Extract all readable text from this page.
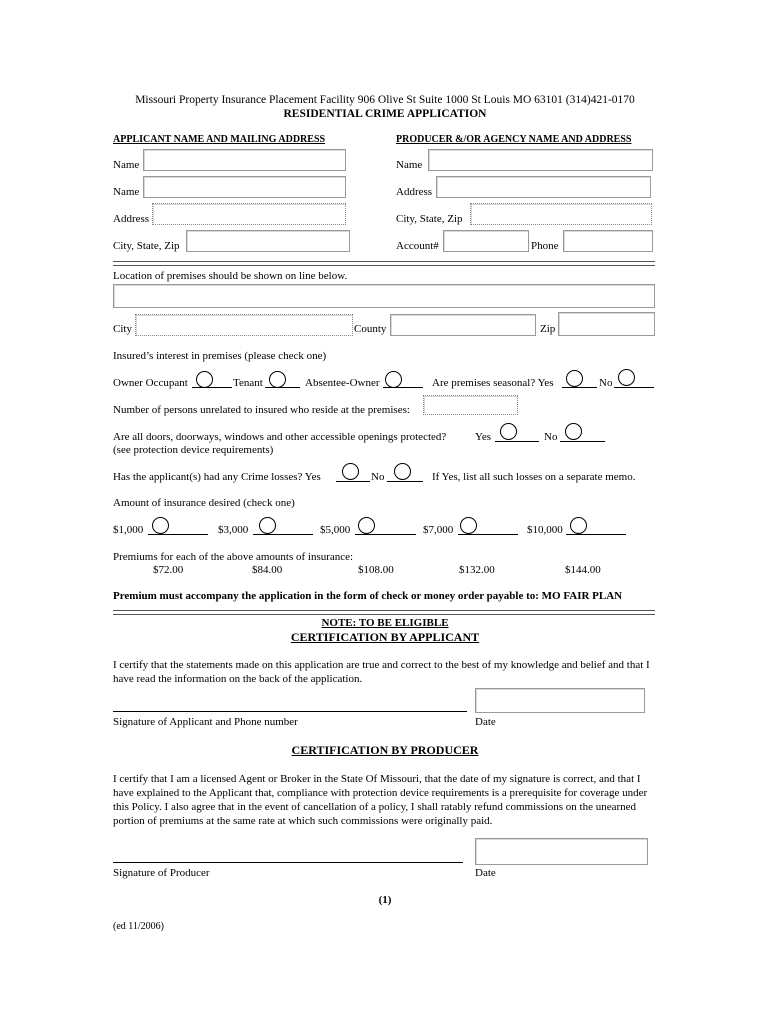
Missouri Property Insurance Placement Facility 906 Olive St Suite 1000 St Louis MO 63101 (314)421-0170
RESIDENTIAL CRIME APPLICATION
APPLICANT NAME AND MAILING ADDRESS	PRODUCER &/OR AGENCY NAME AND ADDRESS
Name
Name
Address
City, State, Zip
Name
Address
City, State, Zip
Account#	Phone
Location of premises should be shown on line below.
City	County	Zip
Insured’s interest in premises (please check one)
Owner Occupant	Tenant	Absentee-Owner	Are premises seasonal? Yes	No
Number of persons unrelated to insured who reside at the premises:
Are all doors, doorways, windows and other accessible openings protected?
(see protection device requirements)
Yes	No
Has the applicant(s) had any Crime losses? Yes	No	If Yes, list all such losses on a separate memo.
Amount of insurance desired (check one)
$1,000	$3,000	$5,000	$7,000	$10,000
Premiums for each of the above amounts of insurance:
$72.00	$84.00	$108.00	$132.00	$144.00
Premium must accompany the application in the form of check or money order payable to: MO FAIR PLAN
NOTE: TO BE ELIGIBLE
CERTIFICATION BY APPLICANT
I certify that the statements made on this application are true and correct to the best of my knowledge and belief and that I have read the information on the back of the application.
Signature of Applicant and Phone number	Date
CERTIFICATION BY PRODUCER
I certify that I am a licensed Agent or Broker in the State Of Missouri, that the date of my signature is correct, and that I have explained to the Applicant that, compliance with protection device requirements is a prerequisite for coverage under this Policy. I also agree that in the event of cancellation of a policy, I shall ratably refund commissions on the unearned portion of premiums at the same rate at which such commissions were originally paid.
Signature of Producer	Date
(1)
(ed 11/2006)
